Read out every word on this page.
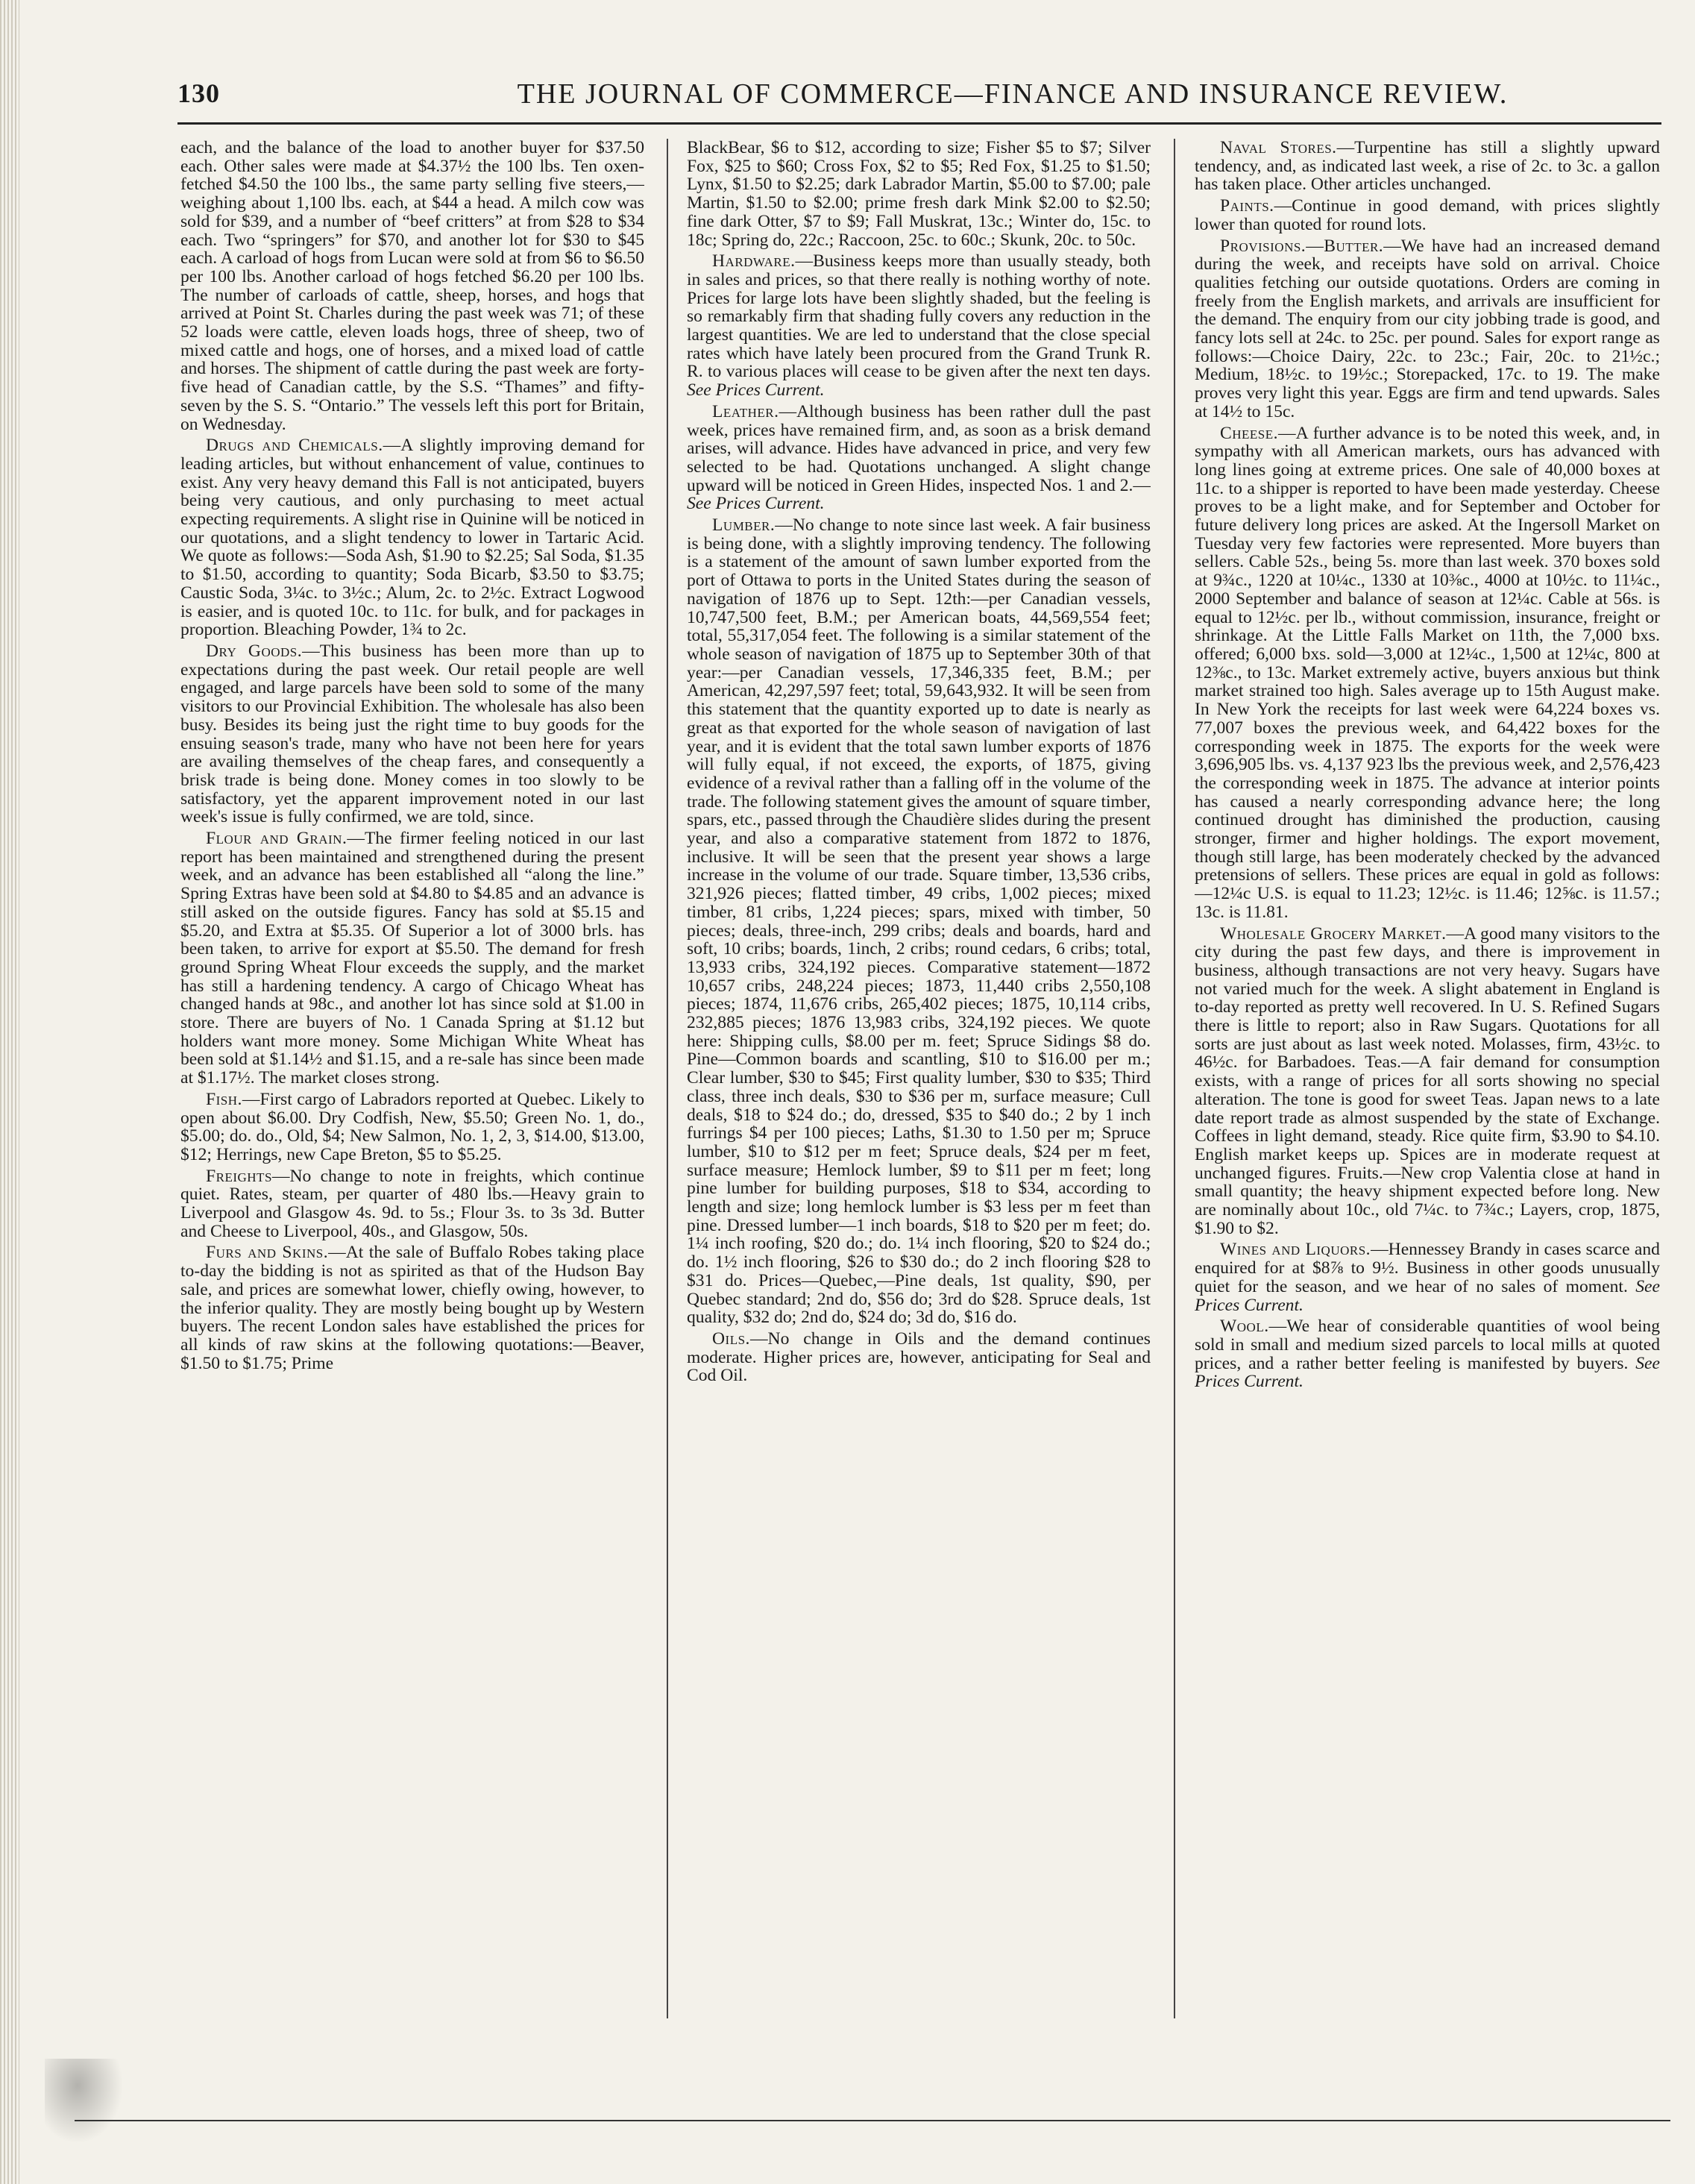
130	THE JOURNAL OF COMMERCE—FINANCE AND INSURANCE REVIEW.

each, and the balance of the load to another buyer for $37.50 each. Other sales were made at $4.37½ the 100 lbs. Ten oxen-fetched $4.50 the 100 lbs., the same party selling five steers,—weighing about 1,100 lbs. each, at $44 a head. A milch cow was sold for $39, and a number of “beef critters” at from $28 to $34 each. Two “springers” for $70, and another lot for $30 to $45 each. A carload of hogs from Lucan were sold at from $6 to $6.50 per 100 lbs. Another carload of hogs fetched $6.20 per 100 lbs. The number of carloads of cattle, sheep, horses, and hogs that arrived at Point St. Charles during the past week was 71; of these 52 loads were cattle, eleven loads hogs, three of sheep, two of mixed cattle and hogs, one of horses, and a mixed load of cattle and horses. The shipment of cattle during the past week are forty-five head of Canadian cattle, by the S.S. “Thames” and fifty-seven by the S. S. “Ontario.” The vessels left this port for Britain, on Wednesday.

Drugs and Chemicals.—A slightly improving demand for leading articles, but without enhancement of value, continues to exist. Any very heavy demand this Fall is not anticipated, buyers being very cautious, and only purchasing to meet actual expecting requirements. A slight rise in Quinine will be noticed in our quotations, and a slight tendency to lower in Tartaric Acid. We quote as follows:—Soda Ash, $1.90 to $2.25; Sal Soda, $1.35 to $1.50, according to quantity; Soda Bicarb, $3.50 to $3.75; Caustic Soda, 3¼c. to 3½c.; Alum, 2c. to 2½c. Extract Logwood is easier, and is quoted 10c. to 11c. for bulk, and for packages in proportion. Bleaching Powder, 1¾ to 2c.

Dry Goods.—This business has been more than up to expectations during the past week. Our retail people are well engaged, and large parcels have been sold to some of the many visitors to our Provincial Exhibition. The wholesale has also been busy. Besides its being just the right time to buy goods for the ensuing season's trade, many who have not been here for years are availing themselves of the cheap fares, and consequently a brisk trade is being done. Money comes in too slowly to be satisfactory, yet the apparent improvement noted in our last week's issue is fully confirmed, we are told, since.

Flour and Grain.—The firmer feeling noticed in our last report has been maintained and strengthened during the present week, and an advance has been established all “along the line.” Spring Extras have been sold at $4.80 to $4.85 and an advance is still asked on the outside figures. Fancy has sold at $5.15 and $5.20, and Extra at $5.35. Of Superior a lot of 3000 brls. has been taken, to arrive for export at $5.50. The demand for fresh ground Spring Wheat Flour exceeds the supply, and the market has still a hardening tendency. A cargo of Chicago Wheat has changed hands at 98c., and another lot has since sold at $1.00 in store. There are buyers of No. 1 Canada Spring at $1.12 but holders want more money. Some Michigan White Wheat has been sold at $1.14½ and $1.15, and a re-sale has since been made at $1.17½. The market closes strong.

Fish.—First cargo of Labradors reported at Quebec. Likely to open about $6.00. Dry Codfish, New, $5.50; Green No. 1, do., $5.00; do. do., Old, $4; New Salmon, No. 1, 2, 3, $14.00, $13.00, $12; Herrings, new Cape Breton, $5 to $5.25.

Freights—No change to note in freights, which continue quiet. Rates, steam, per quarter of 480 lbs.—Heavy grain to Liverpool and Glasgow 4s. 9d. to 5s.; Flour 3s. to 3s 3d. Butter and Cheese to Liverpool, 40s., and Glasgow, 50s.

Furs and Skins.—At the sale of Buffalo Robes taking place to-day the bidding is not as spirited as that of the Hudson Bay sale, and prices are somewhat lower, chiefly owing, however, to the inferior quality. They are mostly being bought up by Western buyers. The recent London sales have established the prices for all kinds of raw skins at the following quotations:—Beaver, $1.50 to $1.75; Prime

BlackBear, $6 to $12, according to size; Fisher $5 to $7; Silver Fox, $25 to $60; Cross Fox, $2 to $5; Red Fox, $1.25 to $1.50; Lynx, $1.50 to $2.25; dark Labrador Martin, $5.00 to $7.00; pale Martin, $1.50 to $2.00; prime fresh dark Mink $2.00 to $2.50; fine dark Otter, $7 to $9; Fall Muskrat, 13c.; Winter do, 15c. to 18c; Spring do, 22c.; Raccoon, 25c. to 60c.; Skunk, 20c. to 50c.

Hardware.—Business keeps more than usually steady, both in sales and prices, so that there really is nothing worthy of note. Prices for large lots have been slightly shaded, but the feeling is so remarkably firm that shading fully covers any reduction in the largest quantities. We are led to understand that the close special rates which have lately been procured from the Grand Trunk R. R. to various places will cease to be given after the next ten days. See Prices Current.

Leather.—Although business has been rather dull the past week, prices have remained firm, and, as soon as a brisk demand arises, will advance. Hides have advanced in price, and very few selected to be had. Quotations unchanged. A slight change upward will be noticed in Green Hides, inspected Nos. 1 and 2.— See Prices Current.

Lumber.—No change to note since last week. A fair business is being done, with a slightly improving tendency. The following is a statement of the amount of sawn lumber exported from the port of Ottawa to ports in the United States during the season of navigation of 1876 up to Sept. 12th:—per Canadian vessels, 10,747,500 feet, B.M.; per American boats, 44,569,554 feet; total, 55,317,054 feet. The following is a similar statement of the whole season of navigation of 1875 up to September 30th of that year:—per Canadian vessels, 17,346,335 feet, B.M.; per American, 42,297,597 feet; total, 59,643,932. It will be seen from this statement that the quantity exported up to date is nearly as great as that exported for the whole season of navigation of last year, and it is evident that the total sawn lumber exports of 1876 will fully equal, if not exceed, the exports, of 1875, giving evidence of a revival rather than a falling off in the volume of the trade. The following statement gives the amount of square timber, spars, etc., passed through the Chaudière slides during the present year, and also a comparative statement from 1872 to 1876, inclusive. It will be seen that the present year shows a large increase in the volume of our trade. Square timber, 13,536 cribs, 321,926 pieces; flatted timber, 49 cribs, 1,002 pieces; mixed timber, 81 cribs, 1,224 pieces; spars, mixed with timber, 50 pieces; deals, three-inch, 299 cribs; deals and boards, hard and soft, 10 cribs; boards, 1inch, 2 cribs; round cedars, 6 cribs; total, 13,933 cribs, 324,192 pieces. Comparative statement—1872 10,657 cribs, 248,224 pieces; 1873, 11,440 cribs 2,550,108 pieces; 1874, 11,676 cribs, 265,402 pieces; 1875, 10,114 cribs, 232,885 pieces; 1876 13,983 cribs, 324,192 pieces. We quote here: Shipping culls, $8.00 per m. feet; Spruce Sidings $8 do. Pine—Common boards and scantling, $10 to $16.00 per m.; Clear lumber, $30 to $45; First quality lumber, $30 to $35; Third class, three inch deals, $30 to $36 per m, surface measure; Cull deals, $18 to $24 do.; do, dressed, $35 to $40 do.; 2 by 1 inch furrings $4 per 100 pieces; Laths, $1.30 to 1.50 per m; Spruce lumber, $10 to $12 per m feet; Spruce deals, $24 per m feet, surface measure; Hemlock lumber, $9 to $11 per m feet; long pine lumber for building purposes, $18 to $34, according to length and size; long hemlock lumber is $3 less per m feet than pine. Dressed lumber—1 inch boards, $18 to $20 per m feet; do. 1¼ inch roofing, $20 do.; do. 1¼ inch flooring, $20 to $24 do.; do. 1½ inch flooring, $26 to $30 do.; do 2 inch flooring $28 to $31 do. Prices—Quebec,—Pine deals, 1st quality, $90, per Quebec standard; 2nd do, $56 do; 3rd do $28. Spruce deals, 1st quality, $32 do; 2nd do, $24 do; 3d do, $16 do.

Oils.—No change in Oils and the demand continues moderate. Higher prices are, however, anticipating for Seal and Cod Oil.

Naval Stores.—Turpentine has still a slightly upward tendency, and, as indicated last week, a rise of 2c. to 3c. a gallon has taken place. Other articles unchanged.

Paints.—Continue in good demand, with prices slightly lower than quoted for round lots.

Provisions.—Butter.—We have had an increased demand during the week, and receipts have sold on arrival. Choice qualities fetching our outside quotations. Orders are coming in freely from the English markets, and arrivals are insufficient for the demand. The enquiry from our city jobbing trade is good, and fancy lots sell at 24c. to 25c. per pound. Sales for export range as follows:—Choice Dairy, 22c. to 23c.; Fair, 20c. to 21½c.; Medium, 18½c. to 19½c.; Storepacked, 17c. to 19. The make proves very light this year. Eggs are firm and tend upwards. Sales at 14½ to 15c.

Cheese.—A further advance is to be noted this week, and, in sympathy with all American markets, ours has advanced with long lines going at extreme prices. One sale of 40,000 boxes at 11c. to a shipper is reported to have been made yesterday. Cheese proves to be a light make, and for September and October for future delivery long prices are asked. At the Ingersoll Market on Tuesday very few factories were represented. More buyers than sellers. Cable 52s., being 5s. more than last week. 370 boxes sold at 9¾c., 1220 at 10¼c., 1330 at 10⅜c., 4000 at 10½c. to 11¼c., 2000 September and balance of season at 12¼c. Cable at 56s. is equal to 12½c. per lb., without commission, insurance, freight or shrinkage. At the Little Falls Market on 11th, the 7,000 bxs. offered; 6,000 bxs. sold—3,000 at 12¼c., 1,500 at 12¼c, 800 at 12⅜c., to 13c. Market extremely active, buyers anxious but think market strained too high. Sales average up to 15th August make. In New York the receipts for last week were 64,224 boxes vs. 77,007 boxes the previous week, and 64,422 boxes for the corresponding week in 1875. The exports for the week were 3,696,905 lbs. vs. 4,137 923 lbs the previous week, and 2,576,423 the corresponding week in 1875. The advance at interior points has caused a nearly corresponding advance here; the long continued drought has diminished the production, causing stronger, firmer and higher holdings. The export movement, though still large, has been moderately checked by the advanced pretensions of sellers. These prices are equal in gold as follows:—12¼c U.S. is equal to 11.23; 12½c. is 11.46; 12⅝c. is 11.57.; 13c. is 11.81.

Wholesale Grocery Market.—A good many visitors to the city during the past few days, and there is improvement in business, although transactions are not very heavy. Sugars have not varied much for the week. A slight abatement in England is to-day reported as pretty well recovered. In U. S. Refined Sugars there is little to report; also in Raw Sugars. Quotations for all sorts are just about as last week noted. Molasses, firm, 43½c. to 46½c. for Barbadoes. Teas.—A fair demand for consumption exists, with a range of prices for all sorts showing no special alteration. The tone is good for sweet Teas. Japan news to a late date report trade as almost suspended by the state of Exchange. Coffees in light demand, steady. Rice quite firm, $3.90 to $4.10. English market keeps up. Spices are in moderate request at unchanged figures. Fruits.—New crop Valentia close at hand in small quantity; the heavy shipment expected before long. New are nominally about 10c., old 7¼c. to 7¾c.; Layers, crop, 1875, $1.90 to $2.

Wines and Liquors.—Hennessey Brandy in cases scarce and enquired for at $8⅞ to 9½. Business in other goods unusually quiet for the season, and we hear of no sales of moment. See Prices Current.

Wool.—We hear of considerable quantities of wool being sold in small and medium sized parcels to local mills at quoted prices, and a rather better feeling is manifested by buyers. See Prices Current.
